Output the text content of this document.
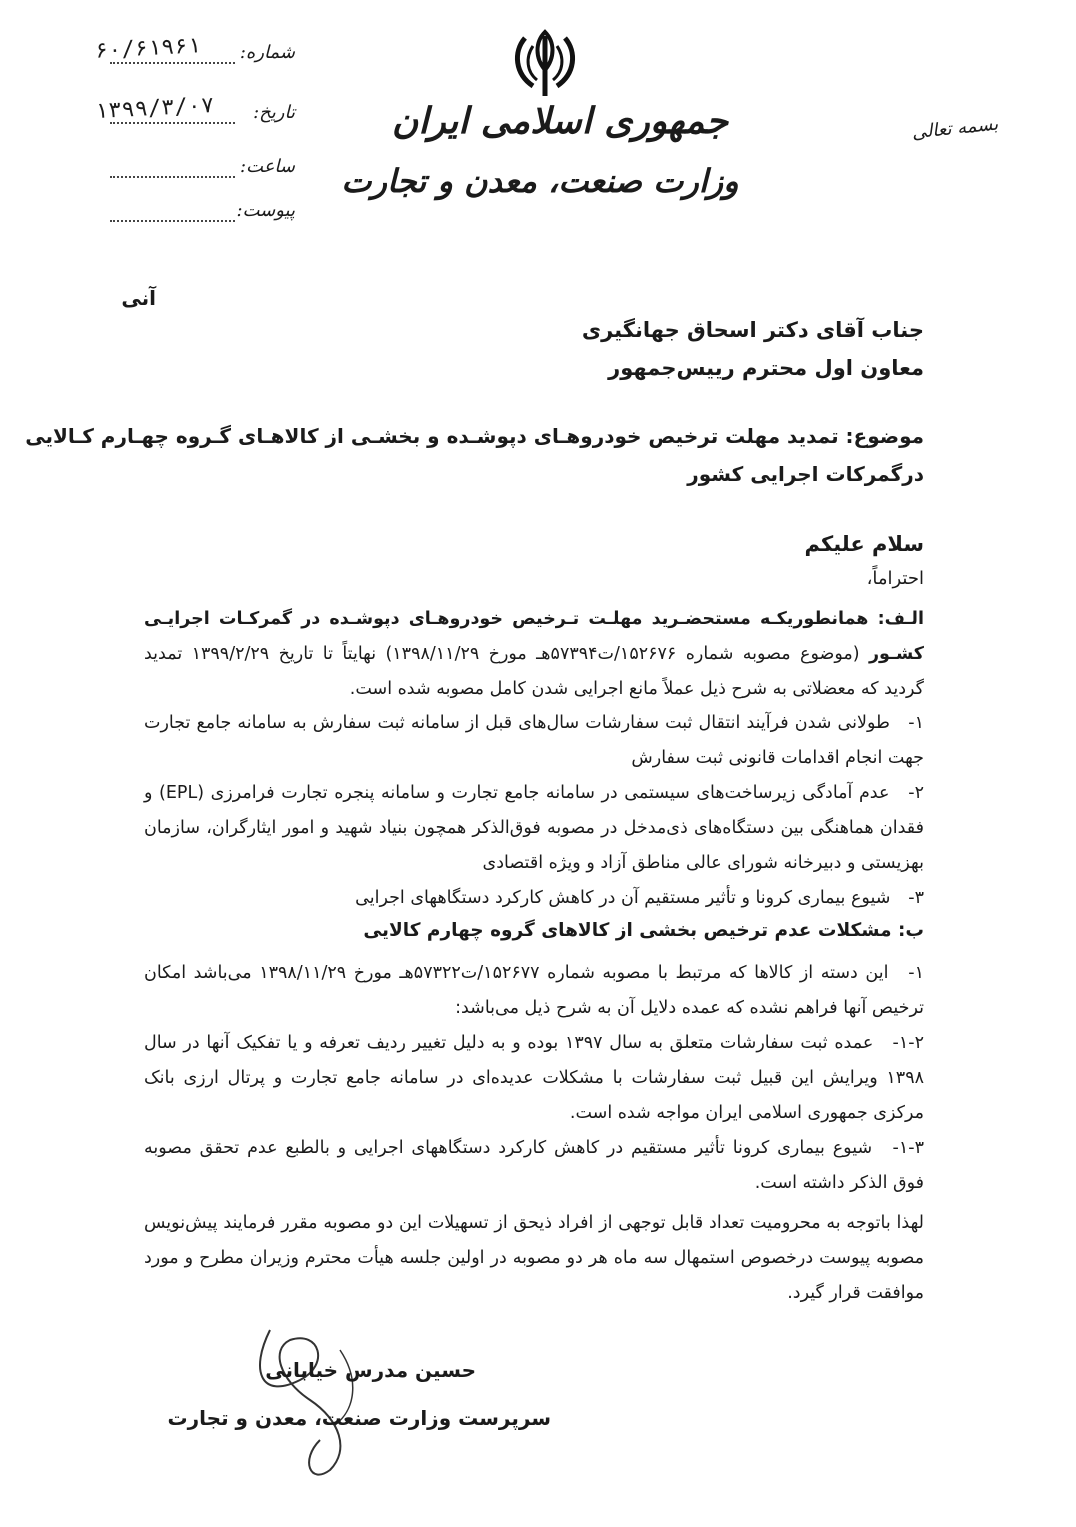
جمهوری اسلامی ایران
وزارت صنعت، معدن و تجارت
بسمه تعالی
۶۰/۶۱۹۶۱ شماره:
۱۳۹۹/۳/۰۷ تاریخ:
ساعت:
پیوست:
آنی
جناب آقای دکتر اسحاق جهانگیری
معاون اول محترم رییس‌جمهور
موضوع: تمدید مهلت ترخیص خودروهـای دپوشـده و بخشـی از کالاهـای گـروه چهـارم کـالایی
درگمرکات اجرایی کشور
سلام علیکم
احتراماً،
الـف: همانطوریکـه مستحضـرید مهلـت تـرخیص خودروهـای دپوشـده در گمرکـات اجرایـی کشـور (موضوع مصوبه شماره ۱۵۲۶۷۶/ت۵۷۳۹۴هـ مورخ ۱۳۹۸/۱۱/۲۹) نهایتاً تا تاریخ ۱۳۹۹/۲/۲۹ تمدید گردید که معضلاتی به شرح ذیل عملاً مانع اجرایی شدن کامل مصوبه شده است.
۱- طولانی شدن فرآیند انتقال ثبت سفارشات سال‌های قبل از سامانه ثبت سفارش به سامانه جامع تجارت جهت انجام اقدامات قانونی ثبت سفارش
۲- عدم آمادگی زیرساخت‌های سیستمی در سامانه جامع تجارت و سامانه پنجره تجارت فرامرزی (EPL) و فقدان هماهنگی بین دستگاه‌های ذی‌مدخل در مصوبه فوق‌الذکر همچون بنیاد شهید و امور ایثارگران، سازمان بهزیستی و دبیرخانه شورای عالی مناطق آزاد و ویژه اقتصادی
۳- شیوع بیماری کرونا و تأثیر مستقیم آن در کاهش کارکرد دستگاههای اجرایی
ب: مشکلات عدم ترخیص بخشی از کالاهای گروه چهارم کالایی
۱- این دسته از کالاها که مرتبط با مصوبه شماره ۱۵۲۶۷۷/ت۵۷۳۲۲هـ مورخ ۱۳۹۸/۱۱/۲۹ می‌باشد امکان ترخیص آنها فراهم نشده که عمده دلایل آن به شرح ذیل می‌باشد:
۱-۲- عمده ثبت سفارشات متعلق به سال ۱۳۹۷ بوده و به دلیل تغییر ردیف تعرفه و یا تفکیک آنها در سال ۱۳۹۸ ویرایش این قبیل ثبت سفارشات با مشکلات عدیده‌ای در سامانه جامع تجارت و پرتال ارزی بانک مرکزی جمهوری اسلامی ایران مواجه شده است.
۱-۳- شیوع بیماری کرونا تأثیر مستقیم در کاهش کارکرد دستگاههای اجرایی و بالطبع عدم تحقق مصوبه فوق الذکر داشته است.
لهذا باتوجه به محرومیت تعداد قابل توجهی از افراد ذیحق از تسهیلات این دو مصوبه مقرر فرمایند پیش‌نویس مصوبه پیوست درخصوص استمهال سه ماه هر دو مصوبه در اولین جلسه هیأت محترم وزیران مطرح و مورد موافقت قرار گیرد.
حسین مدرس خیابانی
سرپرست وزارت صنعت، معدن و تجارت
